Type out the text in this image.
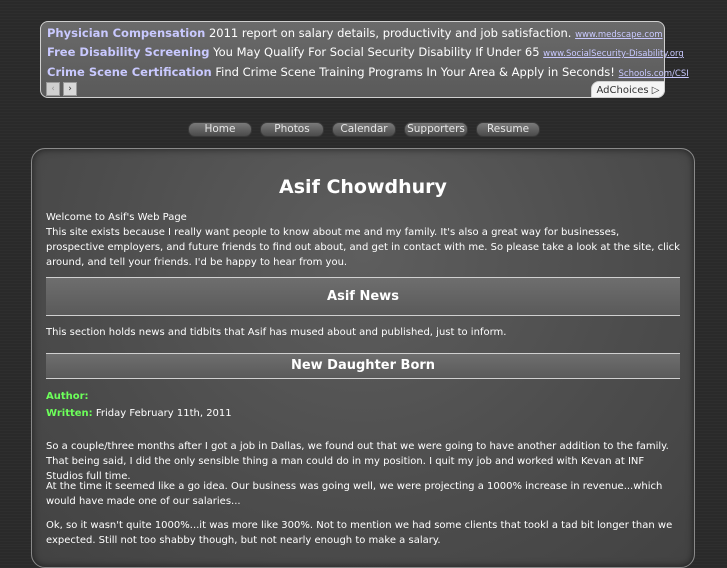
Physician Compensation 2011 report on salary details, productivity and job satisfaction. www.medscape.com
Free Disability Screening You May Qualify For Social Security Disability If Under 65 www.SocialSecurity-Disability.org
Crime Scene Certification Find Crime Scene Training Programs In Your Area & Apply in Seconds! Schools.com/CSI
‹	›	AdChoices ▷
Home	Photos	Calendar	Supporters	Resume
Asif Chowdhury
Welcome to Asif's Web Page
This site exists because I really want people to know about me and my family. It's also a great way for businesses, prospective employers, and future friends to find out about, and get in contact with me. So please take a look at the site, click around, and tell your friends. I'd be happy to hear from you.
Asif News
This section holds news and tidbits that Asif has mused about and published, just to inform.
New Daughter Born
Author:
Written: Friday February 11th, 2011
So a couple/three months after I got a job in Dallas, we found out that we were going to have another addition to the family. That being said, I did the only sensible thing a man could do in my position. I quit my job and worked with Kevan at INF Studios full time.
At the time it seemed like a go idea. Our business was going well, we were projecting a 1000% increase in revenue...which would have made one of our salaries...
Ok, so it wasn't quite 1000%...it was more like 300%. Not to mention we had some clients that tookl a tad bit longer than we expected. Still not too shabby though, but not nearly enough to make a salary.
